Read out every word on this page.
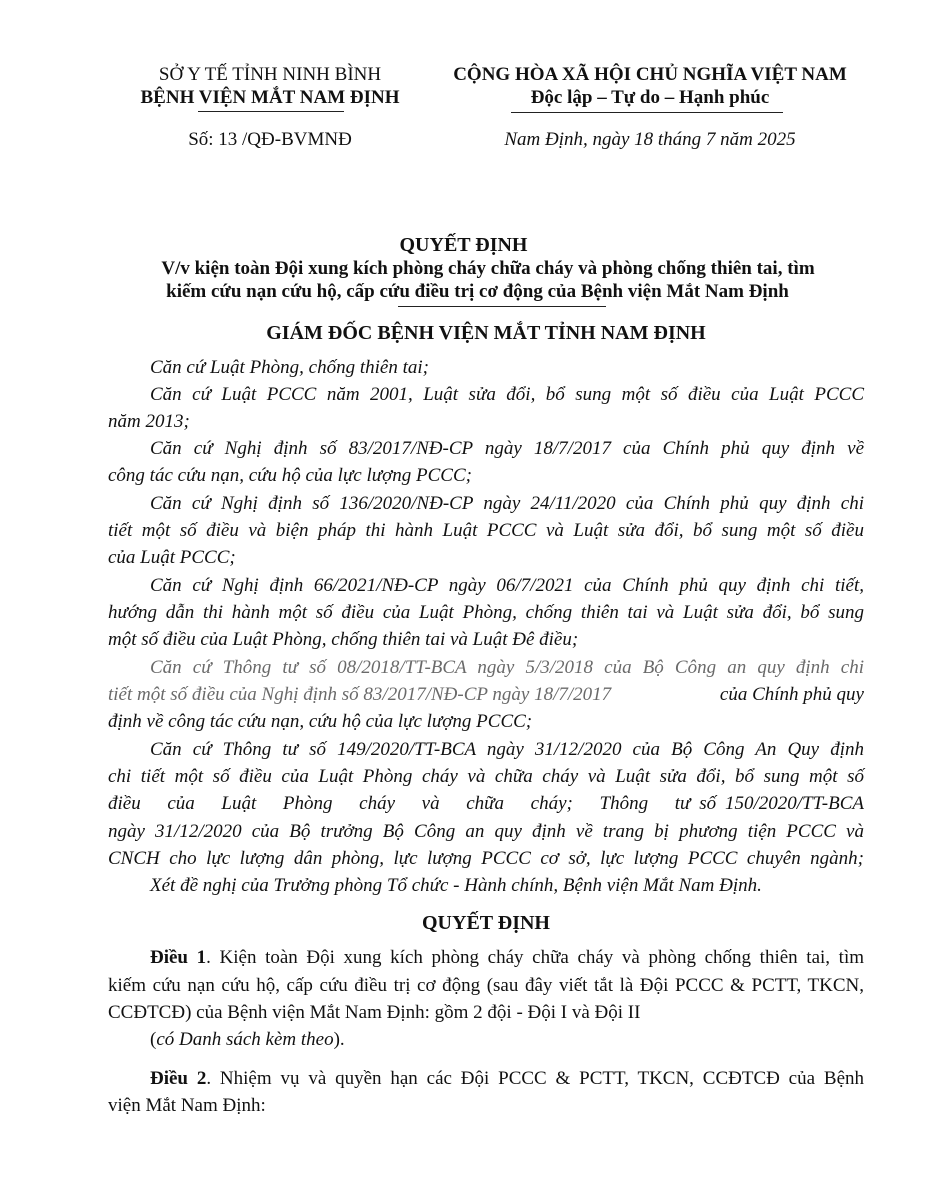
SỞ Y TẾ TỈNH NINH BÌNH
BỆNH VIỆN MẮT NAM ĐỊNH
Số: 13 /QĐ-BVMNĐ
CỘNG HÒA XÃ HỘI CHỦ NGHĨA VIỆT NAM
Độc lập – Tự do – Hạnh phúc
Nam Định, ngày 18 tháng 7 năm 2025
QUYẾT ĐỊNH
V/v kiện toàn Đội xung kích phòng cháy chữa cháy và phòng chống thiên tai, tìm
kiếm cứu nạn cứu hộ, cấp cứu điều trị cơ động của Bệnh viện Mắt Nam Định
GIÁM ĐỐC BỆNH VIỆN MẮT TỈNH NAM ĐỊNH
Căn cứ Luật Phòng, chống thiên tai;
Căn cứ Luật PCCC năm 2001, Luật sửa đổi, bổ sung một số điều của Luật PCCC
năm 2013;
Căn cứ Nghị định số 83/2017/NĐ-CP ngày 18/7/2017 của Chính phủ quy định về
công tác cứu nạn, cứu hộ của lực lượng PCCC;
Căn cứ Nghị định số 136/2020/NĐ-CP ngày 24/11/2020 của Chính phủ quy định chi
tiết một số điều và biện pháp thi hành Luật PCCC và Luật sửa đổi, bổ sung một số điều
của Luật PCCC;
Căn cứ Nghị định 66/2021/NĐ-CP ngày 06/7/2021 của Chính phủ quy định chi tiết,
hướng dẫn thi hành một số điều của Luật Phòng, chống thiên tai và Luật sửa đổi, bổ sung
một số điều của Luật Phòng, chống thiên tai và Luật Đê điều;
Căn cứ Thông tư số 08/2018/TT-BCA ngày 5/3/2018 của Bộ Công an quy định chi
tiết một số điều của Nghị định số 83/2017/NĐ-CP ngày 18/7/2017	của Chính phủ quy
định về công tác cứu nạn, cứu hộ của lực lượng PCCC;
Căn cứ Thông tư số 149/2020/TT-BCA ngày 31/12/2020 của Bộ Công An Quy định
chi tiết một số điều của Luật Phòng cháy và chữa cháy và Luật sửa đổi, bổ sung một số
điều   của   Luật   Phòng   cháy   và   chữa   cháy;   Thông   tư số 150/2020/TT-BCA
ngày 31/12/2020 của Bộ trưởng Bộ Công an quy định về trang bị phương tiện PCCC và
CNCH cho lực lượng dân phòng, lực lượng PCCC cơ sở, lực lượng PCCC chuyên ngành;
Xét đề nghị của Trưởng phòng Tổ chức - Hành chính, Bệnh viện Mắt Nam Định.
QUYẾT ĐỊNH
Điều 1. Kiện toàn Đội xung kích phòng cháy chữa cháy và phòng chống thiên tai, tìm
kiếm cứu nạn cứu hộ, cấp cứu điều trị cơ động (sau đây viết tắt là Đội PCCC & PCTT, TKCN,
CCĐTCĐ) của Bệnh viện Mắt Nam Định: gồm 2 đội - Đội I và Đội II
(có Danh sách kèm theo).
Điều 2. Nhiệm vụ và quyền hạn các Đội PCCC & PCTT, TKCN, CCĐTCĐ của Bệnh
viện Mắt Nam Định:
